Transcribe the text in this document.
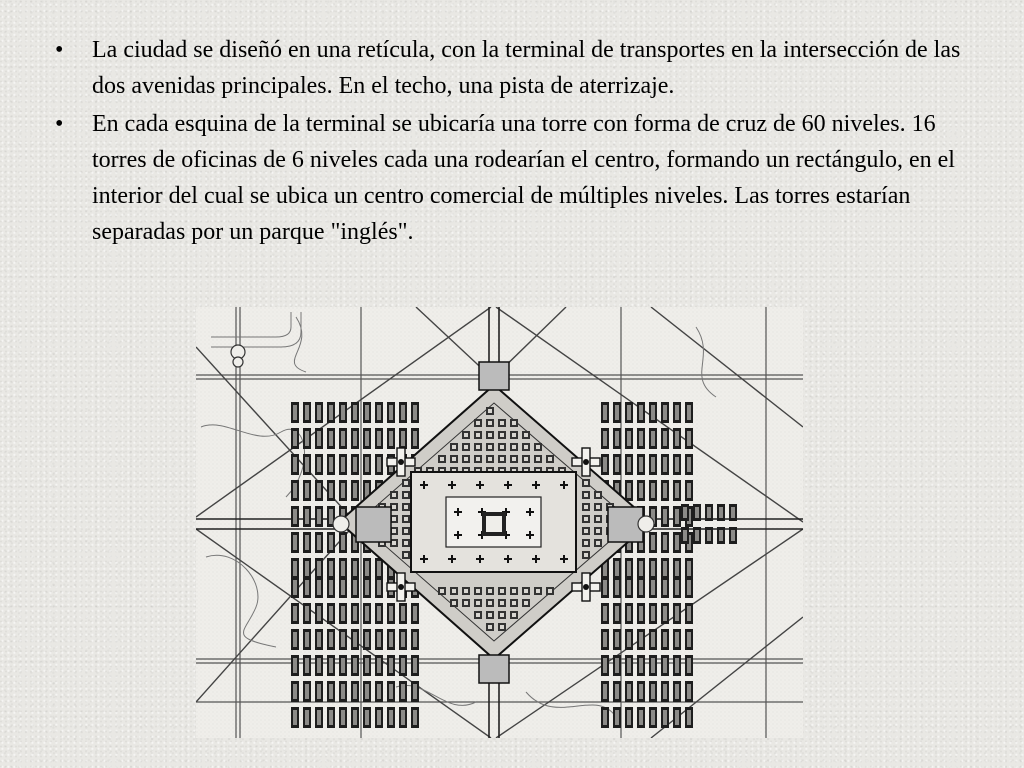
• La ciudad se diseñó en una retícula, con la terminal de transportes en la intersección de las dos avenidas principales. En el techo, una pista de aterrizaje.
• En cada esquina de la terminal se ubicaría una torre con forma de cruz de 60 niveles. 16 torres de oficinas de 6 niveles cada una rodearían el centro, formando un rectángulo, en el interior del cual se ubica un centro comercial de múltiples niveles. Las torres estarían separadas por un parque "inglés".
